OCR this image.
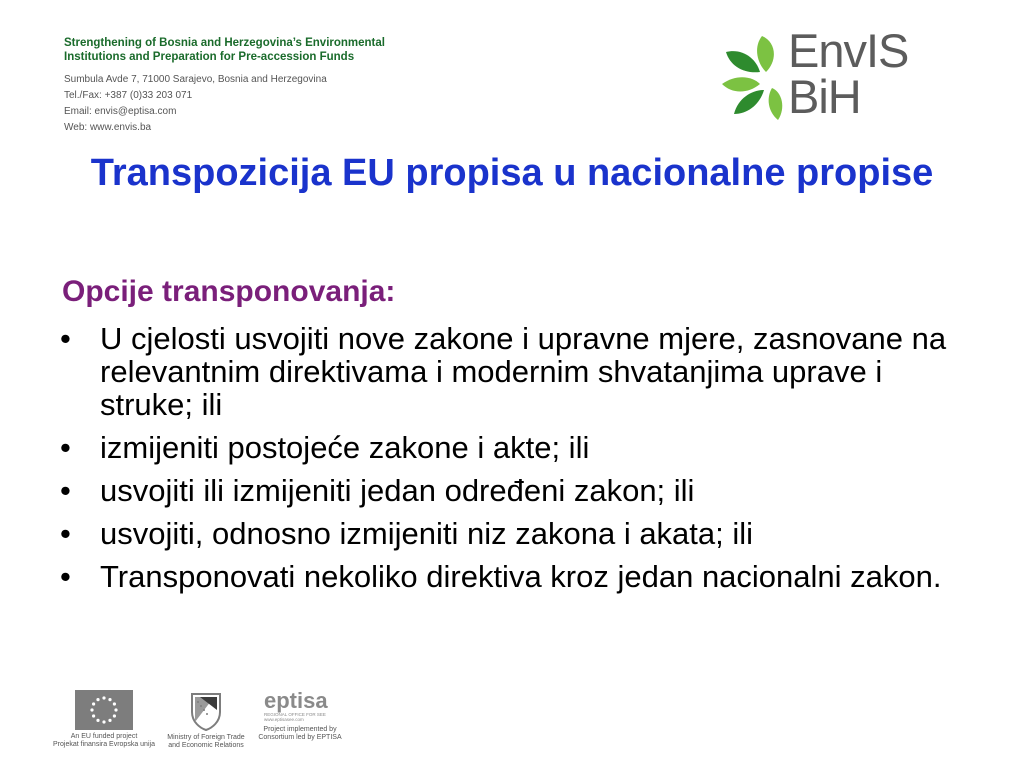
Strengthening of Bosnia and Herzegovina’s Environmental
Institutions and Preparation for Pre-accession Funds
Sumbula Avde 7, 71000 Sarajevo, Bosnia and Herzegovina
Tel./Fax: +387 (0)33 203 071
Email: envis@eptisa.com
Web: www.envis.ba
EnvIS
BiH
Transpozicija EU propisa u nacionalne propise
Opcije transponovanja:
• U cjelosti usvojiti nove zakone i upravne mjere, zasnovane na relevantnim direktivama i modernim shvatanjima uprave i struke; ili
• izmijeniti postojeće zakone i akte; ili
• usvojiti ili izmijeniti jedan određeni zakon; ili
• usvojiti, odnosno izmijeniti niz zakona i akata; ili
• Transponovati nekoliko direktiva kroz jedan nacionalni zakon.
An EU funded project
Projekat finansira Evropska unija
Ministry of Foreign Trade
and Economic Relations
eptisa
REGIONAL OFFICE FOR SEE
www.eptisasee.com
Project implemented by
Consortium led by EPTISA
